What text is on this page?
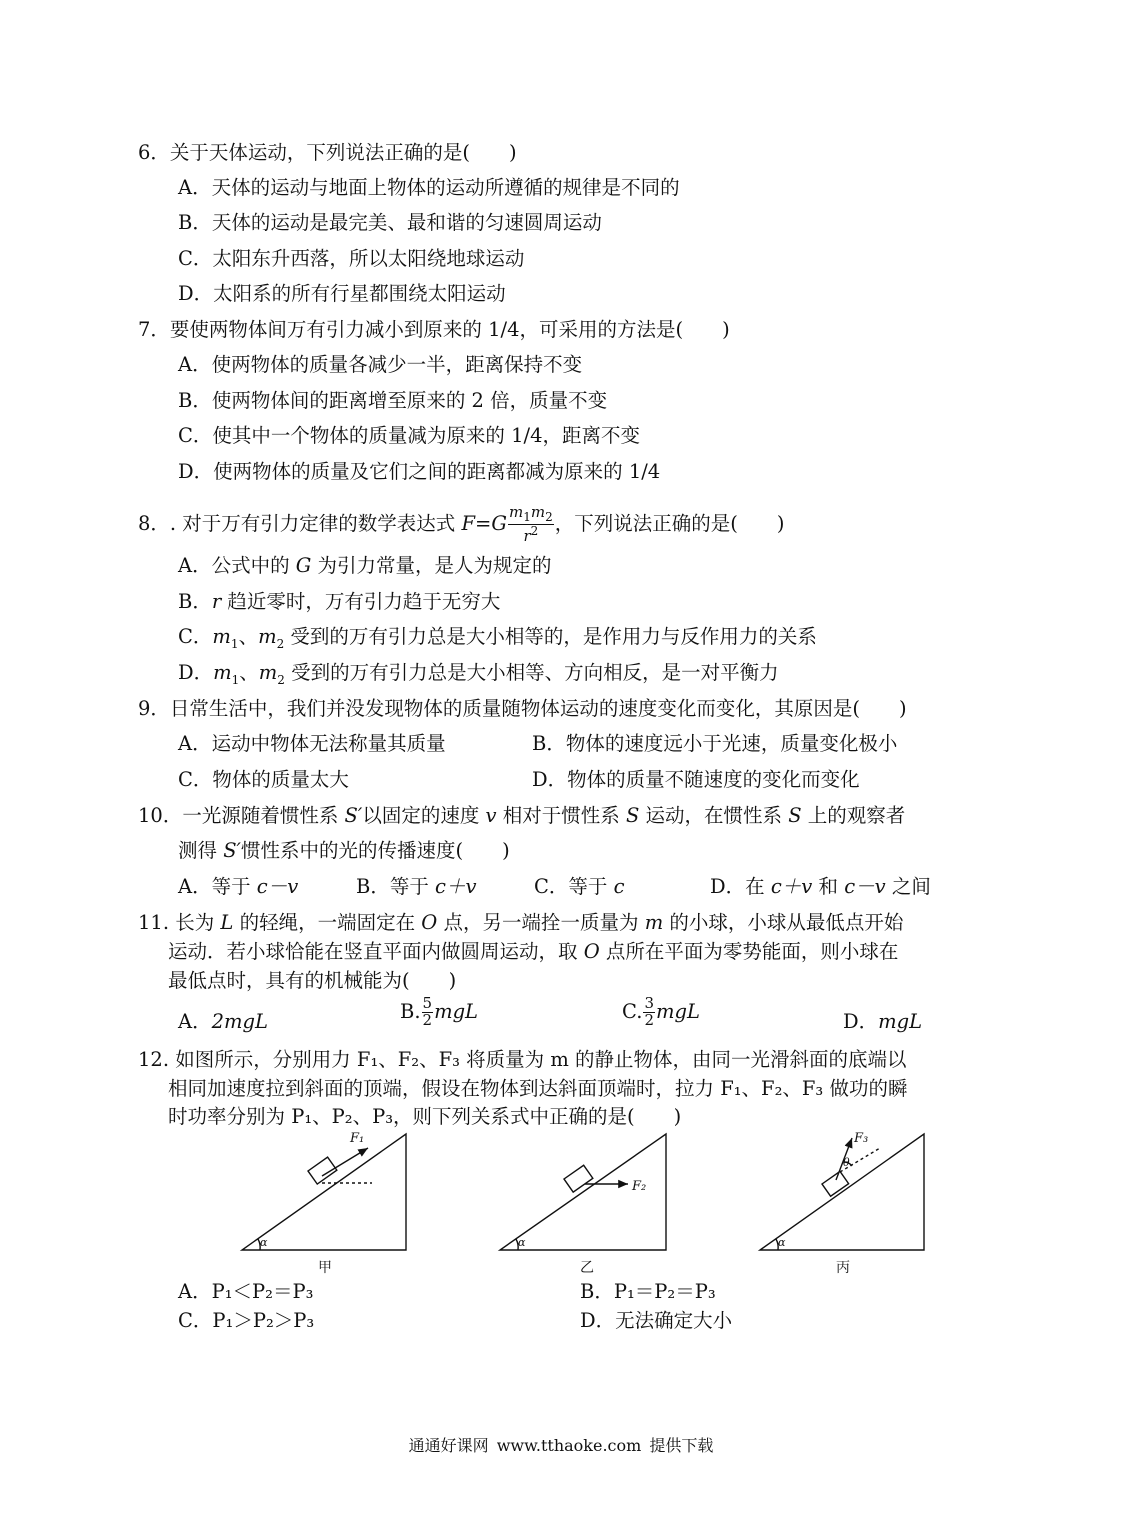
6．关于天体运动，下列说法正确的是(　　)
A．天体的运动与地面上物体的运动所遵循的规律是不同的
B．天体的运动是最完美、最和谐的匀速圆周运动
C．太阳东升西落，所以太阳绕地球运动
D．太阳系的所有行星都围绕太阳运动
7．要使两物体间万有引力减小到原来的 1/4，可采用的方法是(　　)
A．使两物体的质量各减少一半，距离保持不变
B．使两物体间的距离增至原来的 2 倍，质量不变
C．使其中一个物体的质量减为原来的 1/4，距离不变
D．使两物体的质量及它们之间的距离都减为原来的 1/4
8．. 对于万有引力定律的数学表达式 $F=G \frac{m_1m_2}{r^2}$ ，下列说法正确的是(　　)
A．公式中的 G 为引力常量，是人为规定的
B．r 趋近零时，万有引力趋于无穷大
C．$m_1$、$m_2$ 受到的万有引力总是大小相等的，是作用力与反作用力的关系
D．$m_1$、$m_2$ 受到的万有引力总是大小相等、方向相反，是一对平衡力
9．日常生活中，我们并没发现物体的质量随物体运动的速度变化而变化，其原因是(　　)
A．运动中物体无法称量其质量	B．物体的速度远小于光速，质量变化极小
C．物体的质量太大	D．物体的质量不随速度的变化而变化
10．一光源随着惯性系 S′以固定的速度 v 相对于惯性系 S 运动，在惯性系 S 上的观察者
测得 S′惯性系中的光的传播速度(　　)
A．等于 c－v	B．等于 c＋v	C．等于 c	D．在 c＋v 和 c－v 之间
11. 长为 L 的轻绳，一端固定在 O 点，另一端拴一质量为 m 的小球，小球从最低点开始
运动．若小球恰能在竖直平面内做圆周运动，取 O 点所在平面为零势能面，则小球在
最低点时，具有的机械能为(　　)
A．2mgL	B. $\frac{5}{2}$ mgL	C. $\frac{3}{2}$ mgL	D．mgL
12. 如图所示，分别用力 F₁、F₂、F₃ 将质量为 m 的静止物体，由同一光滑斜面的底端以
相同加速度拉到斜面的顶端，假设在物体到达斜面顶端时，拉力 F₁、F₂、F₃ 做功的瞬
时功率分别为 P₁、P₂、P₃，则下列关系式中正确的是(　　)
F₁
F₂
F₃
α	α	α
θ
甲	乙	丙
A．P₁＜P₂＝P₃	B．P₁＝P₂＝P₃
C．P₁＞P₂＞P₃	D．无法确定大小
通通好课网 www.tthaoke.com 提供下载
